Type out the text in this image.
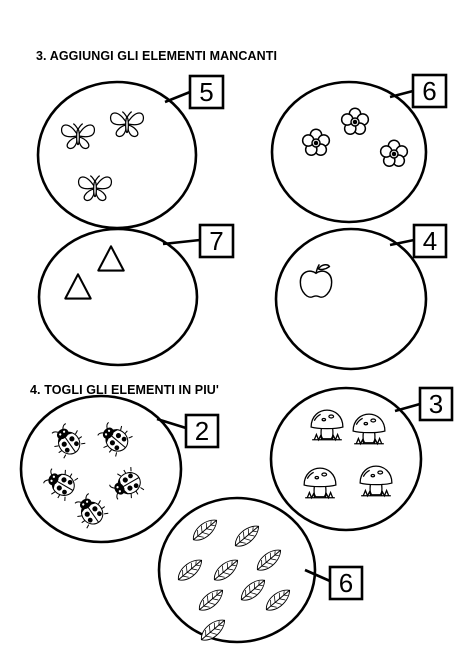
3. AGGIUNGI GLI ELEMENTI MANCANTI
4. TOGLI GLI ELEMENTI IN PIU'
5	6
7	4
2
3
6
